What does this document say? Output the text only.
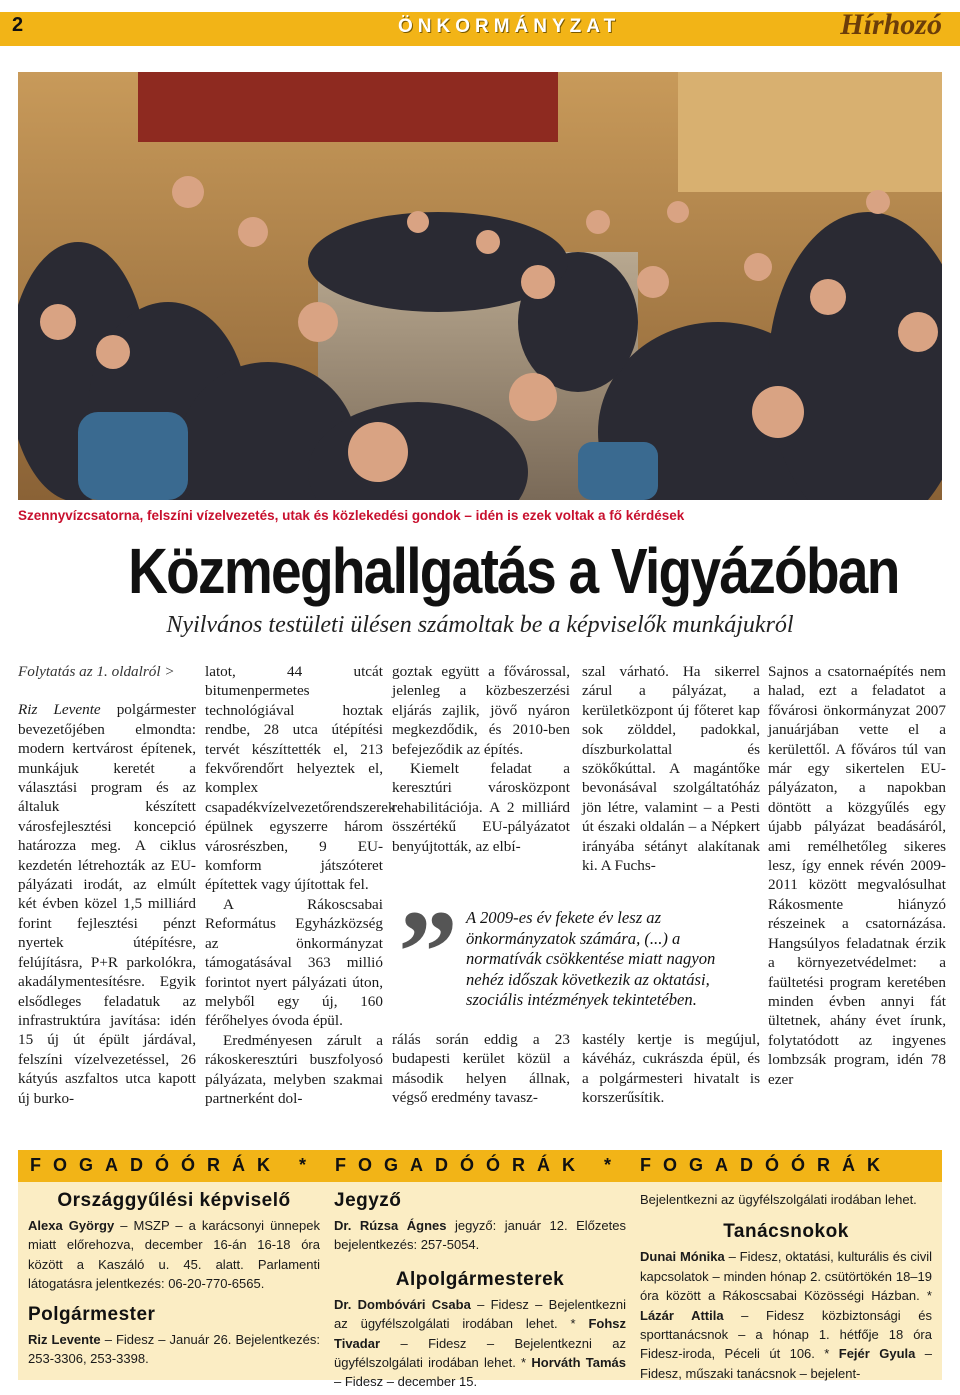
2	ÖNKORMÁNYZAT	Hírhozó
Szennyvízcsatorna, felszíni vízelvezetés, utak és közlekedési gondok – idén is ezek voltak a fő kérdések
Közmeghallgatás a Vigyázóban
Nyilvános testületi ülésen számoltak be a képviselők munkájukról

Folytatás az 1. oldalról >

Riz Levente polgármester bevezetőjében elmondta: modern kertvárost építenek, munkájuk keretét a választási program és az általuk készített városfejlesztési koncepció határozza meg. A ciklus kezdetén létrehozták az EU-pályázati irodát, az elmúlt két évben közel 1,5 milliárd forint fejlesztési pénzt nyertek útépítésre, felújításra, P+R parkolókra, akadálymentesítésre. Egyik elsődleges feladatuk az infrastruktúra javítása: idén 15 új út épült járdával, felszíni vízelvezetéssel, 26 kátyús aszfaltos utca kapott új burko-

latot, 44 utcát bitumenpermetes technológiával hoztak rendbe, 28 utca útépítési tervét készíttették el, 213 fekvőrendőrt helyeztek el, komplex csapadékvízelvezetőrendszerek épülnek egyszerre három városrészben, 9 EU-komform játszóteret építettek vagy újítottak fel.

A Rákoscsabai Református Egyházközség az önkormányzat támogatásával 363 millió forintot nyert pályázati úton, melyből egy új, 160 férőhelyes óvoda épül.

Eredményesen zárult a rákoskeresztúri buszfolyosó pályázata, melyben szakmai partnerként dol-

goztak együtt a fővárossal, jelenleg a közbeszerzési eljárás zajlik, jövő nyáron megkezdődik, és 2010-ben befejeződik az építés.

Kiemelt feladat a keresztúri városközpont rehabilitációja. A 2 milliárd összértékű EU-pályázatot benyújtották, az elbí-

szal várható. Ha sikerrel zárul a pályázat, a kerületközpont új főteret kap sok zölddel, padokkal, díszburkolattal és szökőkúttal. A magántőke bevonásával szolgáltatóház jön létre, valamint – a Pesti út északi oldalán – a Népkert irányába sétányt alakítanak ki. A Fuchs-

Sajnos a csatornaépítés nem halad, ezt a feladatot a fővárosi önkormányzat 2007 januárjában vette el a kerülettől. A főváros túl van már egy sikertelen EU-pályázaton, a napokban döntött a közgyűlés egy újabb pályázat beadásáról, ami remélhetőleg sikeres lesz, így ennek révén 2009-2011 között megvalósulhat Rákosmente hiányzó részeinek a csatornázása. Hangsúlyos feladatnak érzik a környezetvédelmet: a faültetési program keretében minden évben annyi fát ültetnek, ahány évet írunk, folytatódott az ingyenes lombzsák program, idén 78 ezer

” A 2009-es év fekete év lesz az önkormányzatok számára, (...) a normatívák csökkentése miatt nagyon nehéz időszak következik az oktatási, szociális intézmények tekintetében.

rálás során eddig a 23 budapesti kerület közül a második helyen állnak, végső eredmény tavasz-

kastély kertje is megújul, kávéház, cukrászda épül, és a polgármesteri hivatalt is korszerűsítik.

FOGADÓÓRÁK * FOGADÓÓRÁK * FOGADÓÓRÁK
Országgyűlési képviselő

Alexa György – MSZP – a karácsonyi ünnepek miatt előrehozva, december 16-án 16-18 óra között a Kaszáló u. 45. alatt. Parlamenti látogatásra jelentkezés: 06-20-770-6565.

Polgármester

Riz Levente – Fidesz – Január 26. Bejelentkezés: 253-3306, 253-3398.

Jegyző

Dr. Rúzsa Ágnes jegyző: január 12. Előzetes bejelentkezés: 257-5054.

Alpolgármesterek

Dr. Dombóvári Csaba – Fidesz – Bejelentkezni az ügyfélszolgálati irodában lehet. * Fohsz Tivadar – Fidesz – Bejelentkezni az ügyfélszolgálati irodában lehet. * Horváth Tamás – Fidesz – december 15.

Bejelentkezni az ügyfélszolgálati irodában lehet.

Tanácsnokok

Dunai Mónika – Fidesz, oktatási, kulturális és civil kapcsolatok – minden hónap 2. csütörtökén 18–19 óra között a Rákoscsabai Közösségi Házban. * Lázár Attila – Fidesz közbiztonsági és sporttanácsnok – a hónap 1. hétfője 18 óra Fidesz-iroda, Péceli út 106. * Fejér Gyula – Fidesz, műszaki tanácsnok – bejelent-
